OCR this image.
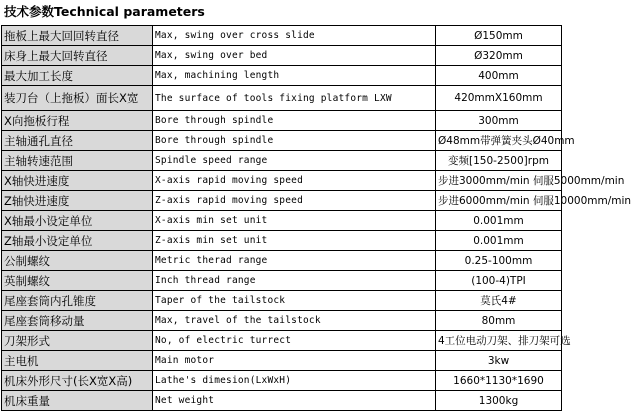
技术参数Technical parameters
拖板上最大回回转直径	Max, swing over cross slide	Ø150mm
床身上最大回转直径	Max, swing over bed	Ø320mm
最大加工长度	Max, machining length	400mm
装刀台（上拖板）面长X宽	The surface of tools fixing platform LXW	420mmX160mm
X向拖板行程	Bore through spindle	300mm
主轴通孔直径	Bore through spindle	Ø48mm带弹簧夹头Ø40mm
主轴转速范围	Spindle speed range	变频[150-2500]rpm
X轴快进速度	X-axis rapid moving speed	步进3000mm/min 伺服5000mm/min
Z轴快进速度	Z-axis rapid moving speed	步进6000mm/min 伺服10000mm/min
X轴最小设定单位	X-axis min set unit	0.001mm
Z轴最小设定单位	Z-axis min set unit	0.001mm
公制螺纹	Metric therad range	0.25-100mm
英制螺纹	Inch thread range	(100-4)TPI
尾座套筒内孔锥度	Taper of the tailstock	莫氏4#
尾座套筒移动量	Max, travel of the tailstock	80mm
刀架形式	No, of electric turrect	4工位电动刀架、排刀架可选
主电机	Main motor	3kw
机床外形尺寸(长X宽X高)	Lathe's dimesion(LxWxH)	1660*1130*1690
机床重量	Net weight	1300kg
